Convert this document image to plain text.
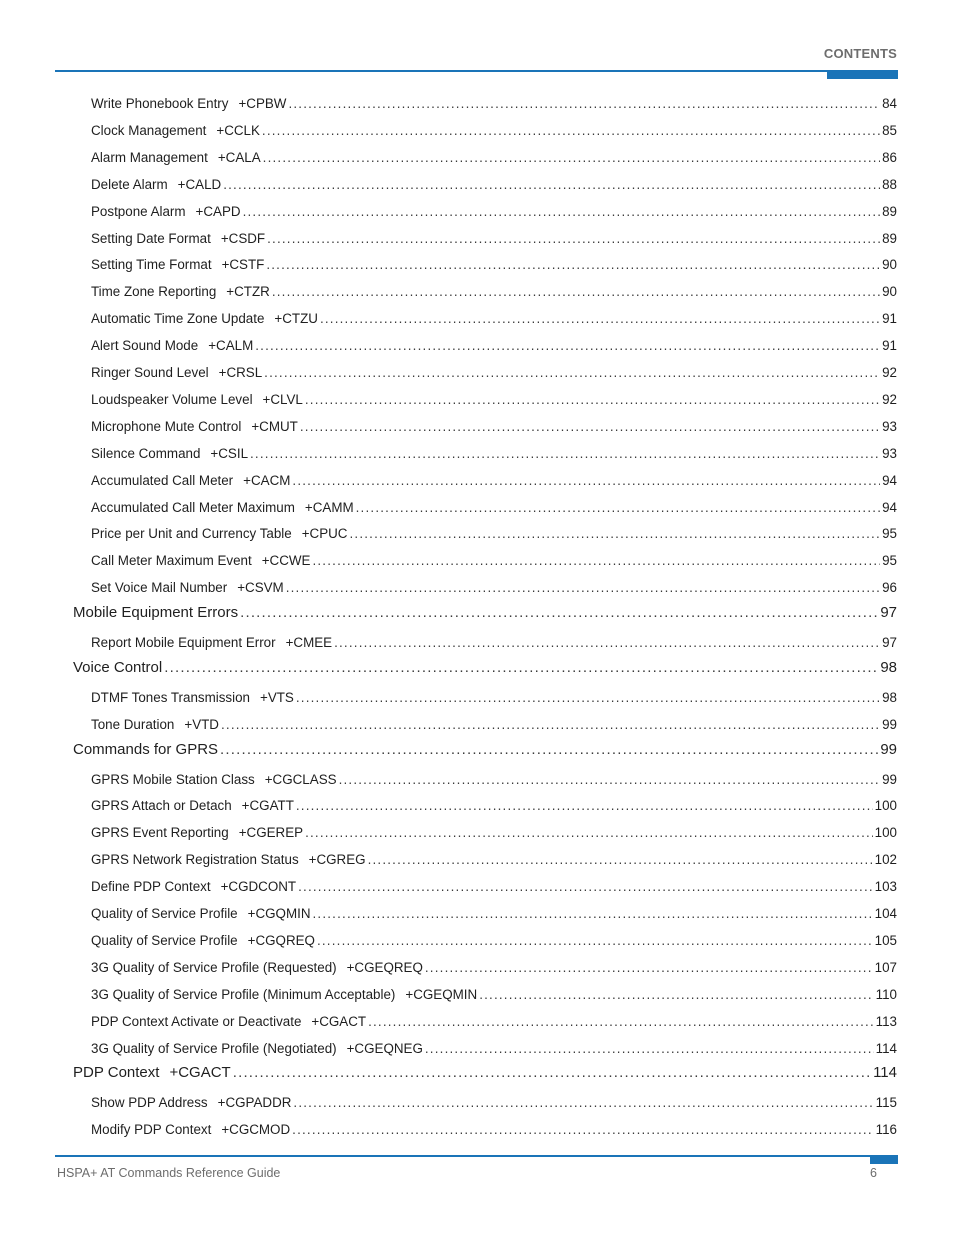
CONTENTS
Write Phonebook Entry +CPBW .....	84
Clock Management +CCLK .....	85
Alarm Management +CALA .....	86
Delete Alarm +CALD .....	88
Postpone Alarm +CAPD .....	89
Setting Date Format +CSDF .....	89
Setting Time Format +CSTF .....	90
Time Zone Reporting +CTZR .....	90
Automatic Time Zone Update +CTZU .....	91
Alert Sound Mode +CALM .....	91
Ringer Sound Level +CRSL .....	92
Loudspeaker Volume Level +CLVL .....	92
Microphone Mute Control +CMUT .....	93
Silence Command +CSIL .....	93
Accumulated Call Meter +CACM .....	94
Accumulated Call Meter Maximum +CAMM .....	94
Price per Unit and Currency Table +CPUC .....	95
Call Meter Maximum Event +CCWE .....	95
Set Voice Mail Number +CSVM .....	96
Mobile Equipment Errors .....	97
Report Mobile Equipment Error +CMEE .....	97
Voice Control .....	98
DTMF Tones Transmission +VTS .....	98
Tone Duration +VTD .....	99
Commands for GPRS .....	99
GPRS Mobile Station Class +CGCLASS .....	99
GPRS Attach or Detach +CGATT .....	100
GPRS Event Reporting +CGEREP .....	100
GPRS Network Registration Status +CGREG .....	102
Define PDP Context +CGDCONT .....	103
Quality of Service Profile +CGQMIN .....	104
Quality of Service Profile +CGQREQ .....	105
3G Quality of Service Profile (Requested) +CGEQREQ .....	107
3G Quality of Service Profile (Minimum Acceptable) +CGEQMIN .....	110
PDP Context Activate or Deactivate +CGACT .....	113
3G Quality of Service Profile (Negotiated) +CGEQNEG .....	114
PDP Context +CGACT .....	114
Show PDP Address +CGPADDR .....	115
Modify PDP Context +CGCMOD .....	116
HSPA+ AT Commands Reference Guide	6
